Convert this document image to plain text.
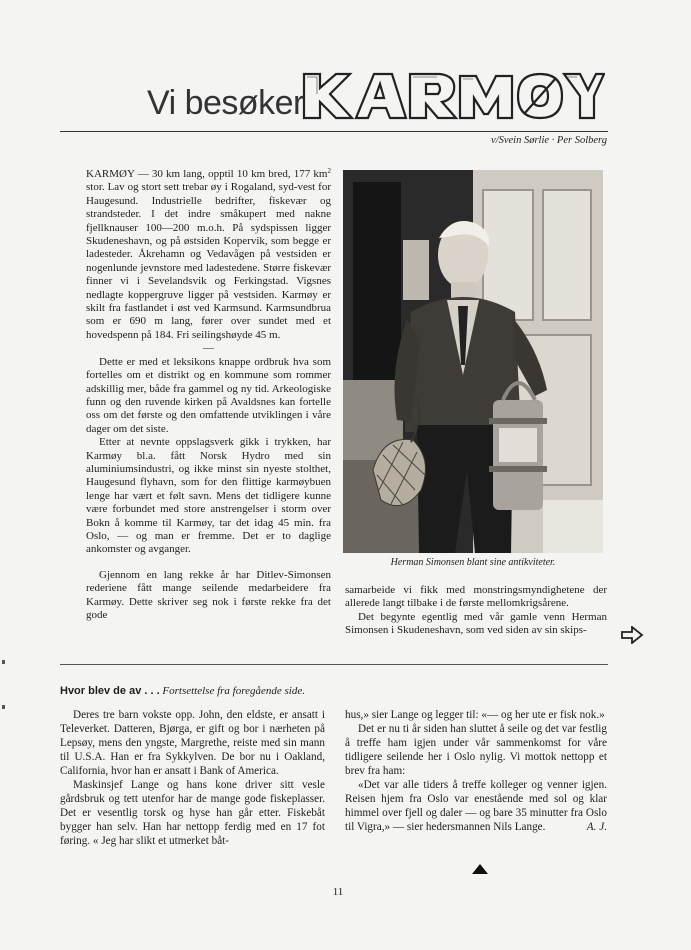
Vi besøker
v/Svein Sørlie · Per Solberg

KARMØY — 30 km lang, opptil 10 km bred, 177 $km^2$ stor. Lav og stort sett trebar øy i Rogaland, syd-vest for Haugesund. Industrielle bedrifter, fiskevær og strandsteder. I det indre småkupert med nakne fjellknauser 100—200 m.o.h. På sydspissen ligger Skudeneshavn, og på østsiden Kopervik, som begge er ladesteder. Åkrehamn og Vedavågen på vestsiden er nogenlunde jevnstore med ladestedene. Større fiskevær finner vi i Sevelandsvik og Ferkingstad. Vigsnes nedlagte koppergruve ligger på vestsiden. Karmøy er skilt fra fastlandet i øst ved Karmsund. Karmsundbrua som er 690 m lang, fører over sundet med et hovedspenn på 184. Fri seilingshøyde 45 m.

—

Dette er med et leksikons knappe ordbruk hva som fortelles om et distrikt og en kommune som rommer adskillig mer, både fra gammel og ny tid. Arkeologiske funn og den ruvende kirken på Avaldsnes kan fortelle oss om det første og den omfattende utviklingen i våre dager om det siste.

Etter at nevnte oppslagsverk gikk i trykken, har Karmøy bl.a. fått Norsk Hydro med sin aluminiumsindustri, og ikke minst sin nyeste stolthet, Haugesund flyhavn, som for den flittige karmøybuen lenge har vært et følt savn. Mens det tidligere kunne være forbundet med store anstrengelser i storm over Bokn å komme til Karmøy, tar det idag 45 min. fra Oslo, — og man er fremme. Det er to daglige ankomster og avganger.

Gjennom en lang rekke år har Ditlev-Simonsen rederiene fått mange seilende medarbeidere fra Karmøy. Dette skriver seg nok i første rekke fra det gode

Herman Simonsen blant sine antikviteter.

samarbeide vi fikk med monstringsmyndighetene der allerede langt tilbake i de første mellomkrigsårene.

Det begynte egentlig med vår gamle venn Herman Simonsen i Skudeneshavn, som ved siden av sin skips-

Hvor blev de av . . . Fortsettelse fra foregående side.

Deres tre barn vokste opp. John, den eldste, er ansatt i Televerket. Datteren, Bjørga, er gift og bor i nærheten på Lepsøy, mens den yngste, Margrethe, reiste med sin mann til U.S.A. Han er fra Sykkylven. De bor nu i Oakland, California, hvor han er ansatt i Bank of America.

Maskinsjef Lange og hans kone driver sitt vesle gårdsbruk og tett utenfor har de mange gode fiskeplasser. Det er vesentlig torsk og hyse han går etter. Fiskebåt bygger han selv. Han har nettopp ferdig med en 17 fot føring. « Jeg har slikt et utmerket båt-

hus,» sier Lange og legger til: «— og her ute er fisk nok.»

Det er nu ti år siden han sluttet å seile og det var festlig å treffe ham igjen under vår sammenkomst for våre tidligere seilende her i Oslo nylig. Vi mottok nettopp et brev fra ham:

«Det var alle tiders å treffe kolleger og venner igjen. Reisen hjem fra Oslo var enestående med sol og klar himmel over fjell og daler — og bare 35 minutter fra Oslo til Vigra,» — sier hedersmannen Nils Lange.	A. J.

11
